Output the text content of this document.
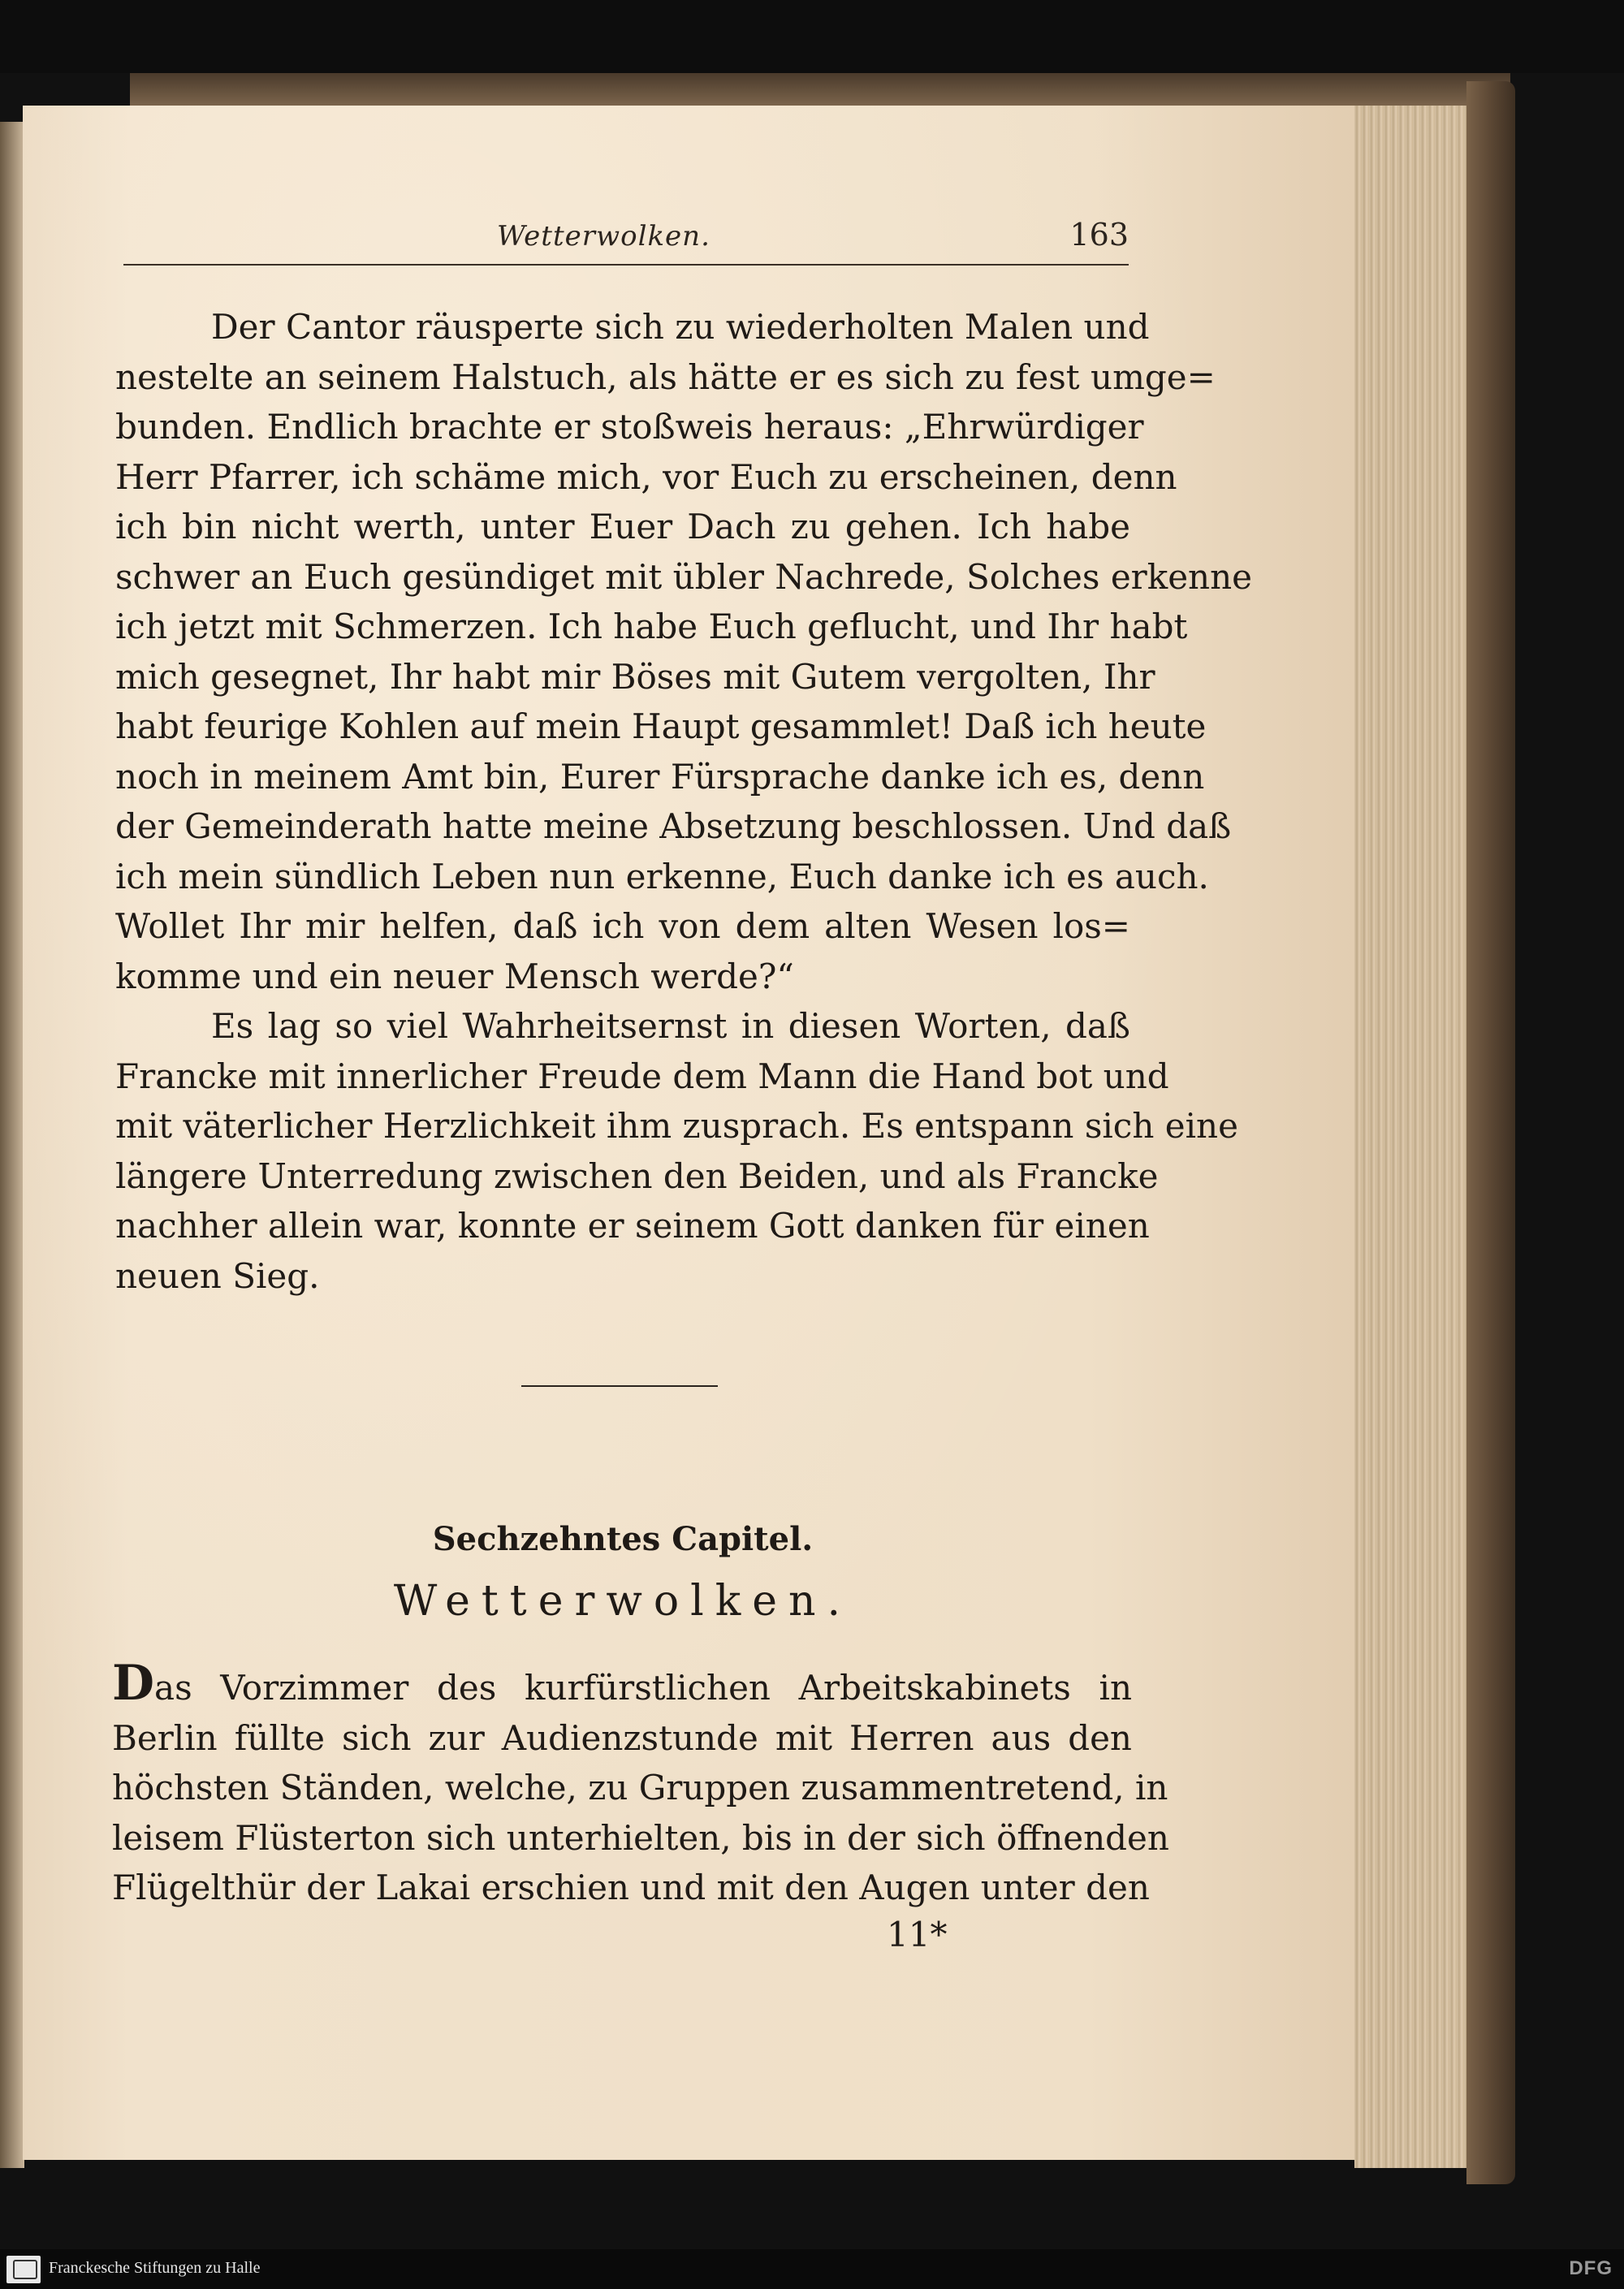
Wetterwolken.	163
Der Cantor räusperte sich zu wiederholten Malen und
nestelte an seinem Halstuch, als hätte er es sich zu fest umge=
bunden. Endlich brachte er stoßweis heraus: „Ehrwürdiger
Herr Pfarrer, ich schäme mich, vor Euch zu erscheinen, denn
ich bin nicht werth, unter Euer Dach zu gehen. Ich habe
schwer an Euch gesündiget mit übler Nachrede, Solches erkenne
ich jetzt mit Schmerzen. Ich habe Euch geflucht, und Ihr habt
mich gesegnet, Ihr habt mir Böses mit Gutem vergolten, Ihr
habt feurige Kohlen auf mein Haupt gesammlet! Daß ich heute
noch in meinem Amt bin, Eurer Fürsprache danke ich es, denn
der Gemeinderath hatte meine Absetzung beschlossen. Und daß
ich mein sündlich Leben nun erkenne, Euch danke ich es auch.
Wollet Ihr mir helfen, daß ich von dem alten Wesen los=
komme und ein neuer Mensch werde?“
Es lag so viel Wahrheitsernst in diesen Worten, daß
Francke mit innerlicher Freude dem Mann die Hand bot und
mit väterlicher Herzlichkeit ihm zusprach. Es entspann sich eine
längere Unterredung zwischen den Beiden, und als Francke
nachher allein war, konnte er seinem Gott danken für einen
neuen Sieg.
Sechzehntes Capitel.
Wetterwolken.
Das Vorzimmer des kurfürstlichen Arbeitskabinets in
Berlin füllte sich zur Audienzstunde mit Herren aus den
höchsten Ständen, welche, zu Gruppen zusammentretend, in
leisem Flüsterton sich unterhielten, bis in der sich öffnenden
Flügelthür der Lakai erschien und mit den Augen unter den
11*
Franckesche Stiftungen zu Halle	DFG
